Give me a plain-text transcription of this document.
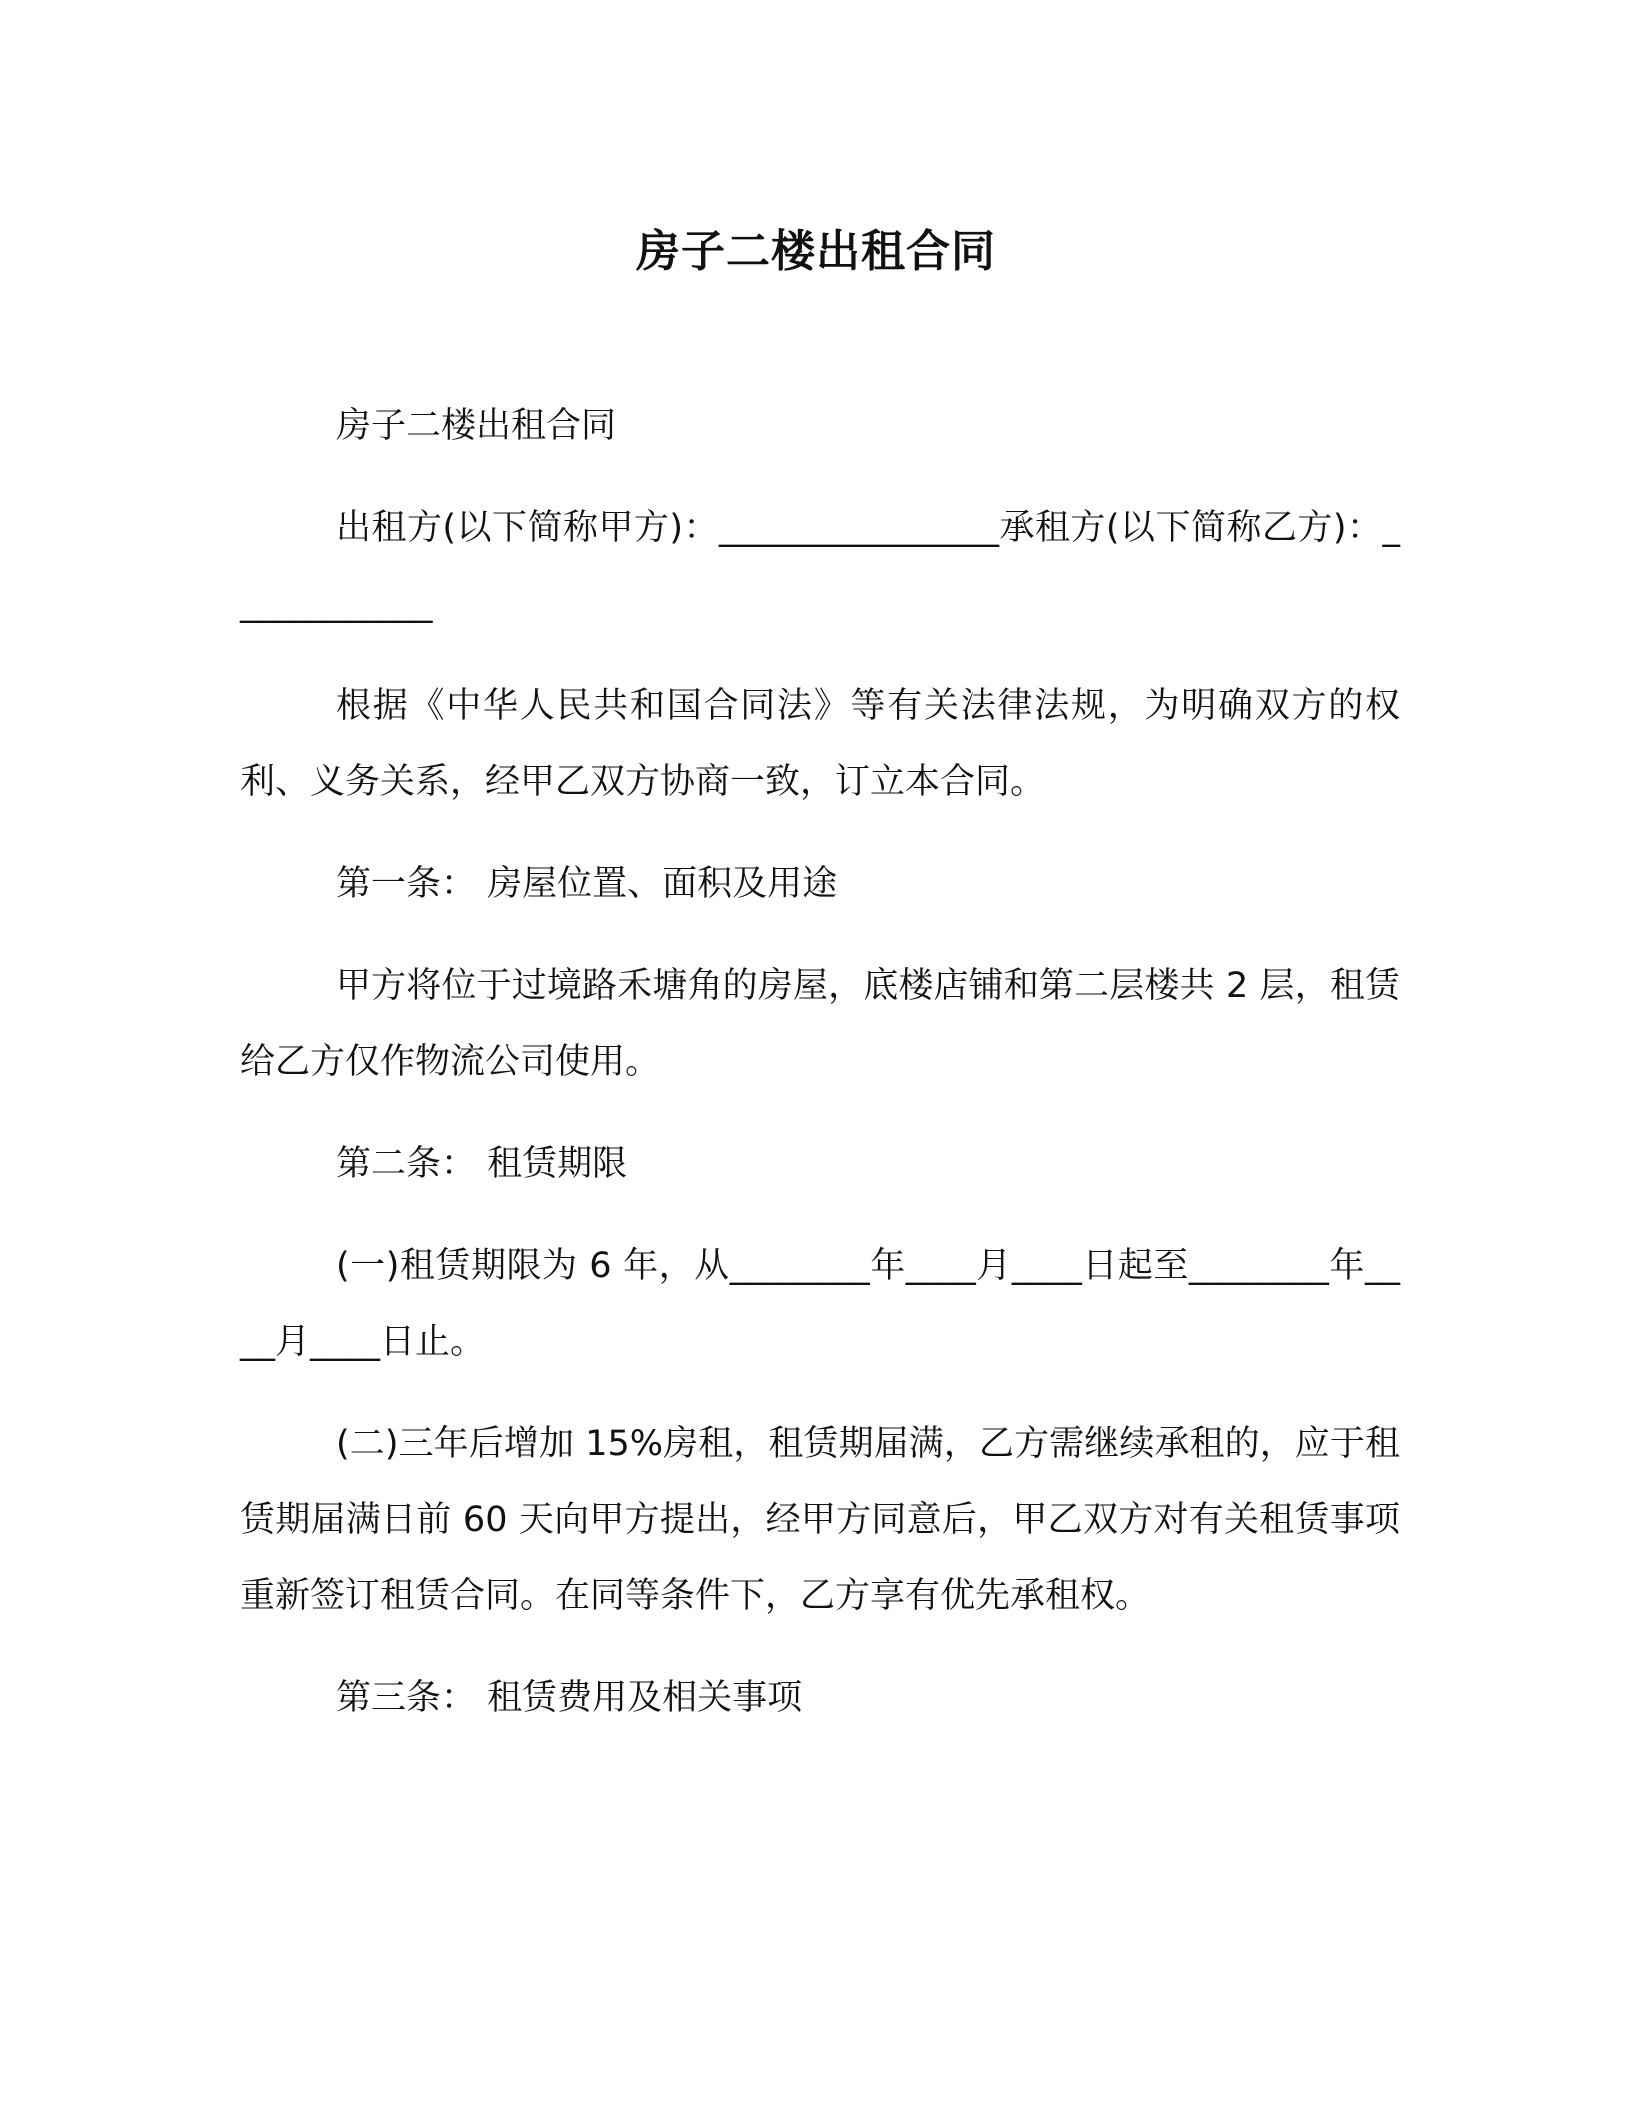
房子二楼出租合同

房子二楼出租合同

出租方(以下简称甲方)：________________承租方(以下简称乙方)：____________

根据《中华人民共和国合同法》等有关法律法规，为明确双方的权利、义务关系，经甲乙双方协商一致，订立本合同。

第一条： 房屋位置、面积及用途

甲方将位于过境路禾塘角的房屋，底楼店铺和第二层楼共 2 层，租赁给乙方仅作物流公司使用。

第二条： 租赁期限

(一)租赁期限为 6 年，从________年____月____日起至________年____月____日止。

(二)三年后增加 15%房租，租赁期届满，乙方需继续承租的，应于租赁期届满日前 60 天向甲方提出，经甲方同意后，甲乙双方对有关租赁事项重新签订租赁合同。在同等条件下，乙方享有优先承租权。

第三条： 租赁费用及相关事项
